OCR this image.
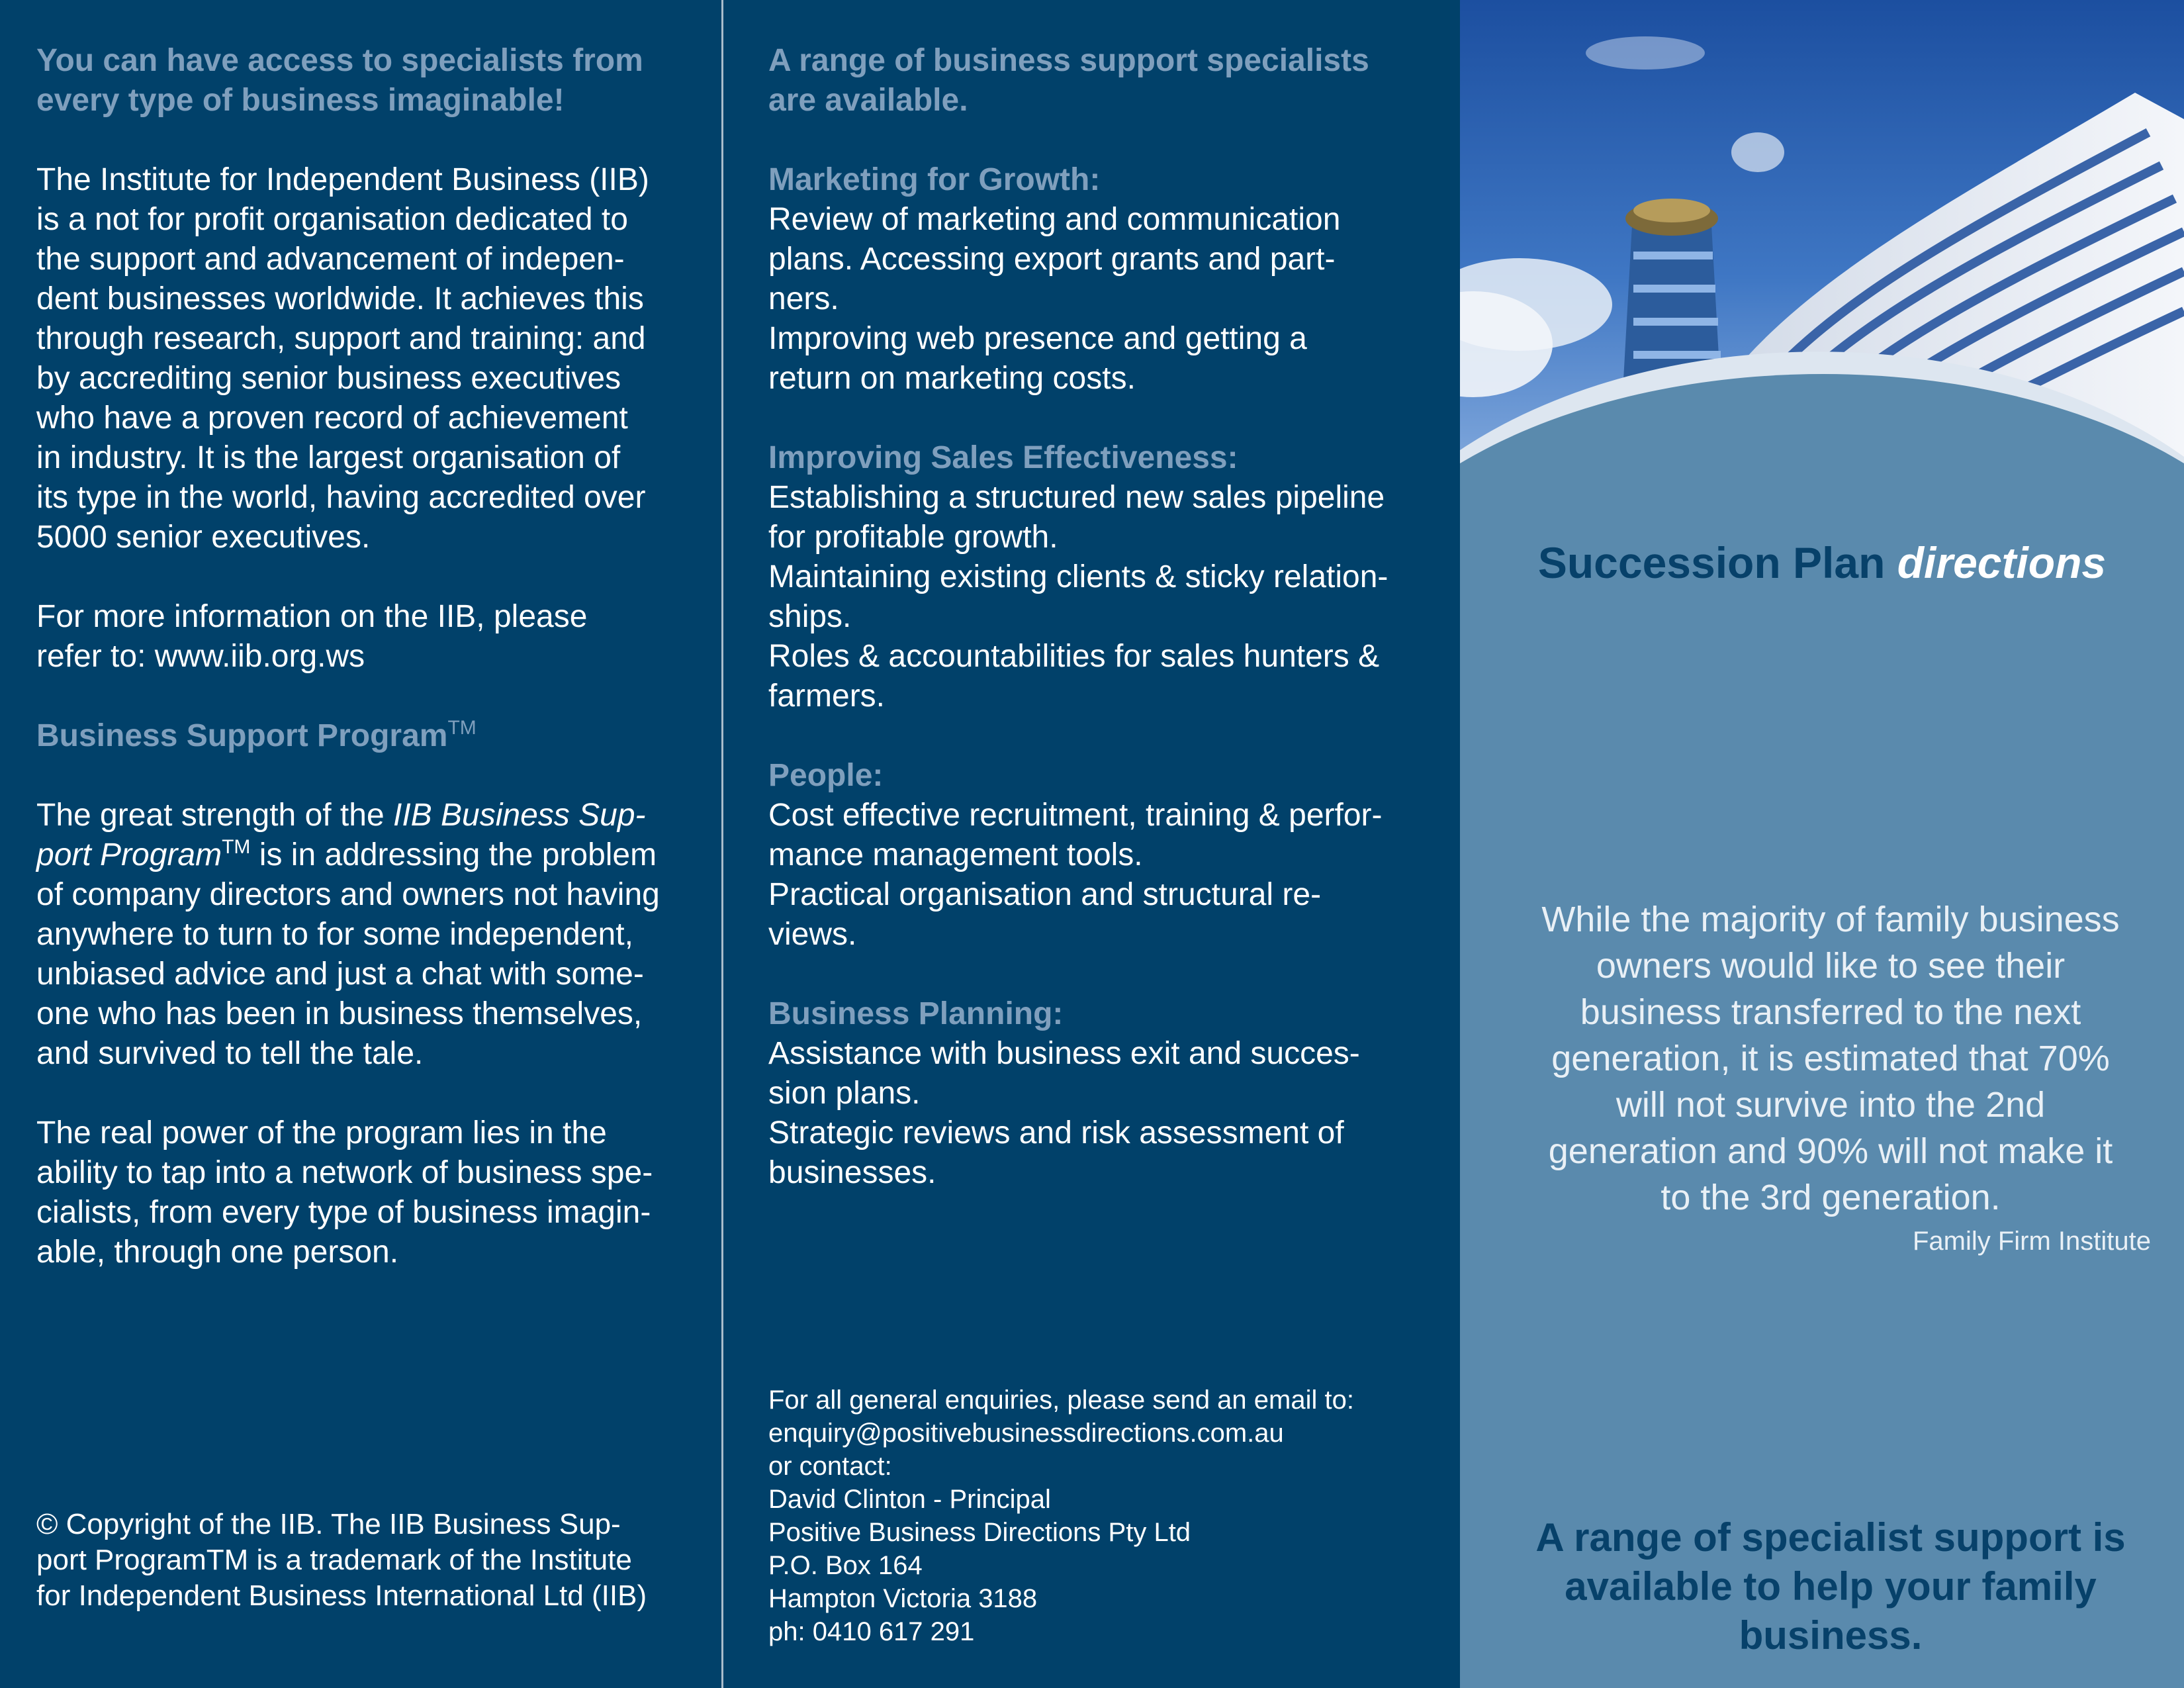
You can have access to specialists from
every type of business imaginable!

The Institute for Independent Business (IIB)
is a not for profit organisation dedicated to
the support and advancement of indepen-
dent businesses worldwide. It achieves this
through research, support and training: and
by accrediting senior business executives
who have a proven record of achievement
in industry. It is the largest organisation of
its type in the world, having accredited over
5000 senior executives.

For more information on the IIB, please
refer to: www.iib.org.ws

Business Support Program™

The great strength of the IIB Business Sup-

port Program™ is in addressing the problem

of company directors and owners not having
anywhere to turn to for some independent,
unbiased advice and just a chat with some-
one who has been in business themselves,
and survived to tell the tale.

The real power of the program lies in the
ability to tap into a network of business spe-
cialists, from every type of business imagin-
able, through one person.

© Copyright of the IIB. The IIB Business Sup-
port ProgramTM is a trademark of the Institute
for Independent Business International Ltd (IIB)

A range of business support specialists
are available.

Marketing for Growth:

Review of marketing and communication
plans. Accessing export grants and part-
ners.
Improving web presence and getting a
return on marketing costs.

Improving Sales Effectiveness:

Establishing a structured new sales pipeline
for profitable growth.
Maintaining existing clients & sticky relation-
ships.
Roles & accountabilities for sales hunters &
farmers.

People:

Cost effective recruitment, training & perfor-
mance management tools.
Practical organisation and structural re-
views.

Business Planning:

Assistance with business exit and succes-
sion plans.
Strategic reviews and risk assessment of
businesses.

For all general enquiries, please send an email to:
enquiry@positivebusinessdirections.com.au
or contact:
David Clinton - Principal
Positive Business Directions Pty Ltd
P.O. Box 164
Hampton Victoria 3188
ph: 0410 617 291

Succession Plan directions

While the majority of family business
owners would like to see their
business transferred to the next
generation, it is estimated that 70%
will not survive into the 2nd
generation and 90% will not make it
to the 3rd generation.

Family Firm Institute

A range of specialist support is
available to help your family
business.
